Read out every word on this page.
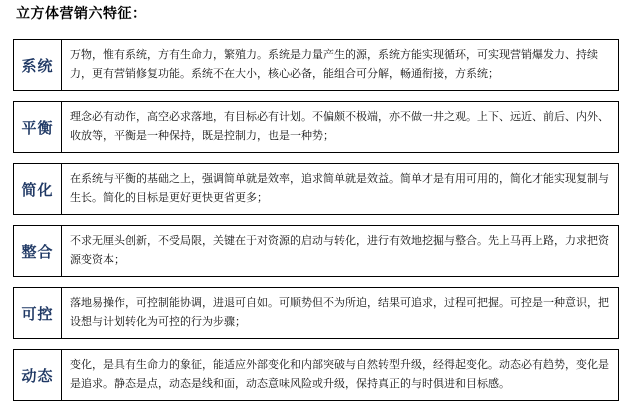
立方体营销六特征：
系统
万物，惟有系统，方有生命力，繁殖力。系统是力量产生的源，系统方能实现循环，可实现营销爆发力、持续力，更有营销修复功能。系统不在大小，核心必备，能组合可分解，畅通衔接，方系统；
平衡
理念必有动作，高空必求落地，有目标必有计划。不偏颇不极端，亦不做一井之观。上下、远近、前后、内外、收放等，平衡是一种保持，既是控制力，也是一种势；
简化
在系统与平衡的基础之上，强调简单就是效率，追求简单就是效益。简单才是有用可用的，简化才能实现复制与生长。简化的目标是更好更快更省更多；
整合
不求无厘头创新，不受局限，关键在于对资源的启动与转化，进行有效地挖掘与整合。先上马再上路，力求把资源变资本；
可控
落地易操作，可控制能协调，进退可自如。可顺势但不为所迫，结果可追求，过程可把握。可控是一种意识，把设想与计划转化为可控的行为步骤；
动态
变化，是具有生命力的象征，能适应外部变化和内部突破与自然转型升级，经得起变化。动态必有趋势，变化是是追求。静态是点，动态是线和面，动态意味风险或升级，保持真正的与时俱进和目标感。
